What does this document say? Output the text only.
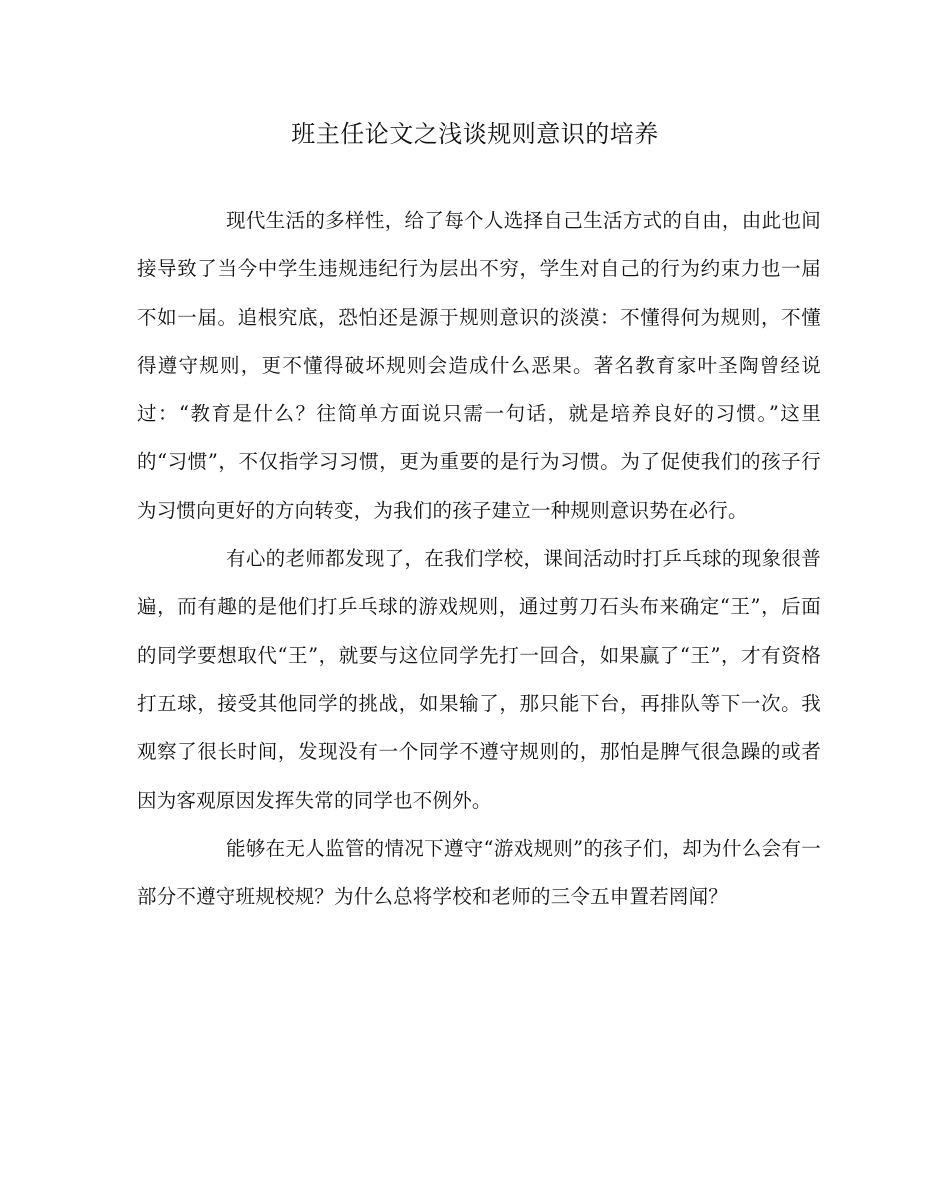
班主任论文之浅谈规则意识的培养

现代生活的多样性，给了每个人选择自己生活方式的自由，由此也间接导致了当今中学生违规违纪行为层出不穷，学生对自己的行为约束力也一届不如一届。追根究底，恐怕还是源于规则意识的淡漠：不懂得何为规则，不懂得遵守规则，更不懂得破坏规则会造成什么恶果。著名教育家叶圣陶曾经说过：“教育是什么？往简单方面说只需一句话，就是培养良好的习惯。”这里的“习惯”，不仅指学习习惯，更为重要的是行为习惯。为了促使我们的孩子行为习惯向更好的方向转变，为我们的孩子建立一种规则意识势在必行。

有心的老师都发现了，在我们学校，课间活动时打乒乓球的现象很普遍，而有趣的是他们打乒乓球的游戏规则，通过剪刀石头布来确定“王”，后面的同学要想取代“王”，就要与这位同学先打一回合，如果赢了“王”，才有资格打五球，接受其他同学的挑战，如果输了，那只能下台，再排队等下一次。我观察了很长时间，发现没有一个同学不遵守规则的，那怕是脾气很急躁的或者因为客观原因发挥失常的同学也不例外。

能够在无人监管的情况下遵守“游戏规则”的孩子们，却为什么会有一部分不遵守班规校规？为什么总将学校和老师的三令五申置若罔闻？
